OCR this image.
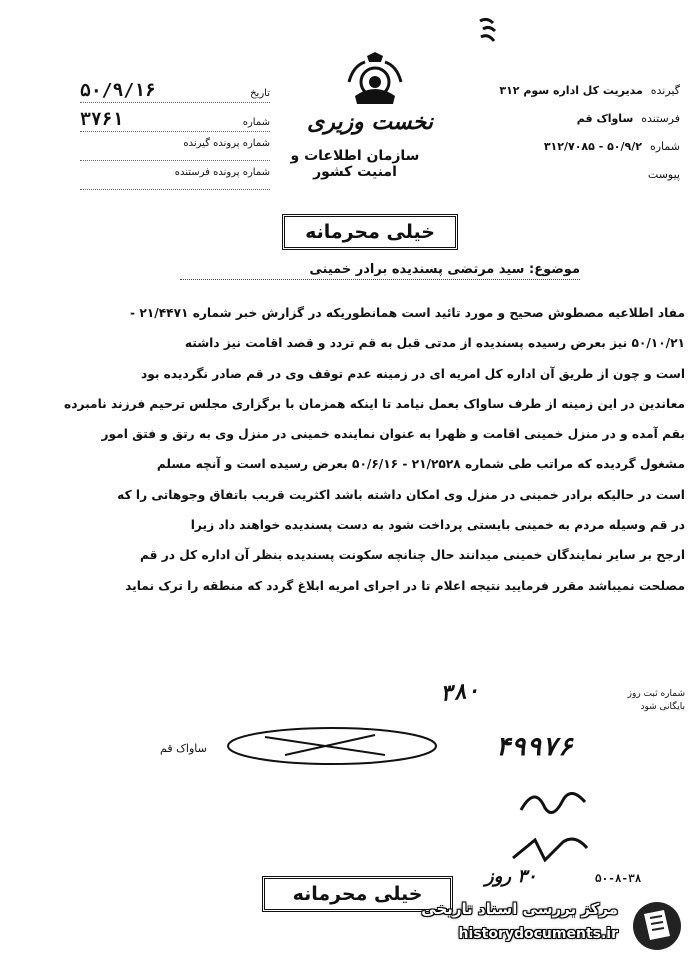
تاریخ
۵۰/۹/۱۶
شماره
۳۷۶۱
شماره پرونده گیرنده
شماره پرونده فرستنده
نخست وزیری
سازمان اطلاعات و امنیت کشور
گیرنده
مدیریت کل اداره سوم ۳۱۲
فرستنده
ساواک قم
شماره
۵۰/۹/۲ - ۳۱۲/۷۰۸۵
پیوست
خیلی محرمانه
موضوع: سید مرتضی پسندیده برادر خمینی
مفاد اطلاعیه مصطوش صحیح و مورد تائید است همانطوریکه در گزارش خبر شماره ۲۱/۴۴۷۱ -
۵۰/۱۰/۲۱ نیز بعرض رسیده پسندیده از مدتی قبل به قم تردد و قصد اقامت نیز داشته
است و چون از طریق آن اداره کل امریه ای در زمینه عدم توقف وی در قم صادر نگردیده بود
معاندین در این زمینه از طرف ساواک بعمل نیامد تا اینکه همزمان با برگزاری مجلس ترحیم فرزند نامبرده
بقم آمده و در منزل خمینی اقامت و ظهرا به عنوان نماینده خمینی در منزل وی به رتق و فتق امور
مشغول گردیده که مراتب طی شماره ۲۱/۲۵۲۸ - ۵۰/۶/۱۶ بعرض رسیده است و آنچه مسلم
است در حالیکه برادر خمینی در منزل وی امکان داشته باشد اکثریت قریب باتفاق وجوهاتی را که
در قم وسیله مردم به خمینی بایستی پرداخت شود به دست پسندیده خواهند داد زیرا
ارجح بر سایر نمایندگان خمینی میدانند حال چنانچه سکونت پسندیده بنظر آن اداره کل در قم
مصلحت نمیباشد مقرر فرمایید نتیجه اعلام تا در اجرای امریه ابلاغ گردد که منطقه را ترک نماید
شماره ثبت روز
بایگانی شود
۳۸۰
۴۹۹۷۶
ساواک قم
۳۰ روز	۵۰-۸-۳۸
خیلی محرمانه
مرکز بررسی اسناد تاریخی
historydocuments.ir
